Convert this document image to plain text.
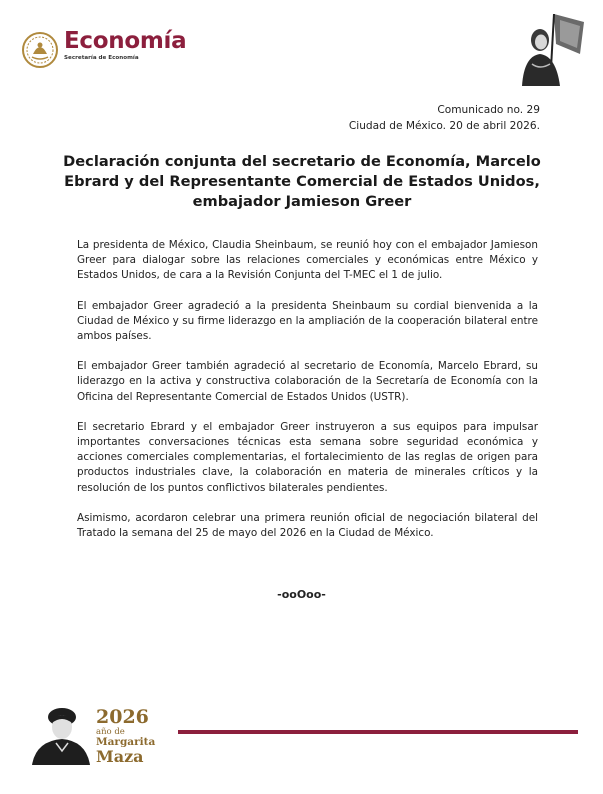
Economía
Secretaría de Economía
Comunicado no. 29
Ciudad de México. 20 de abril 2026.
Declaración conjunta del secretario de Economía, Marcelo Ebrard y del Representante Comercial de Estados Unidos, embajador Jamieson Greer

La presidenta de México, Claudia Sheinbaum, se reunió hoy con el embajador Jamieson Greer para dialogar sobre las relaciones comerciales y económicas entre México y Estados Unidos, de cara a la Revisión Conjunta del T-MEC el 1 de julio.

El embajador Greer agradeció a la presidenta Sheinbaum su cordial bienvenida a la Ciudad de México y su firme liderazgo en la ampliación de la cooperación bilateral entre ambos países.

El embajador Greer también agradeció al secretario de Economía, Marcelo Ebrard, su liderazgo en la activa y constructiva colaboración de la Secretaría de Economía con la Oficina del Representante Comercial de Estados Unidos (USTR).

El secretario Ebrard y el embajador Greer instruyeron a sus equipos para impulsar importantes conversaciones técnicas esta semana sobre seguridad económica y acciones comerciales complementarias, el fortalecimiento de las reglas de origen para productos industriales clave, la colaboración en materia de minerales críticos y la resolución de los puntos conflictivos bilaterales pendientes.

Asimismo, acordaron celebrar una primera reunión oficial de negociación bilateral del Tratado la semana del 25 de mayo del 2026 en la Ciudad de México.

-ooOoo-
2026
año de
Margarita
Maza
